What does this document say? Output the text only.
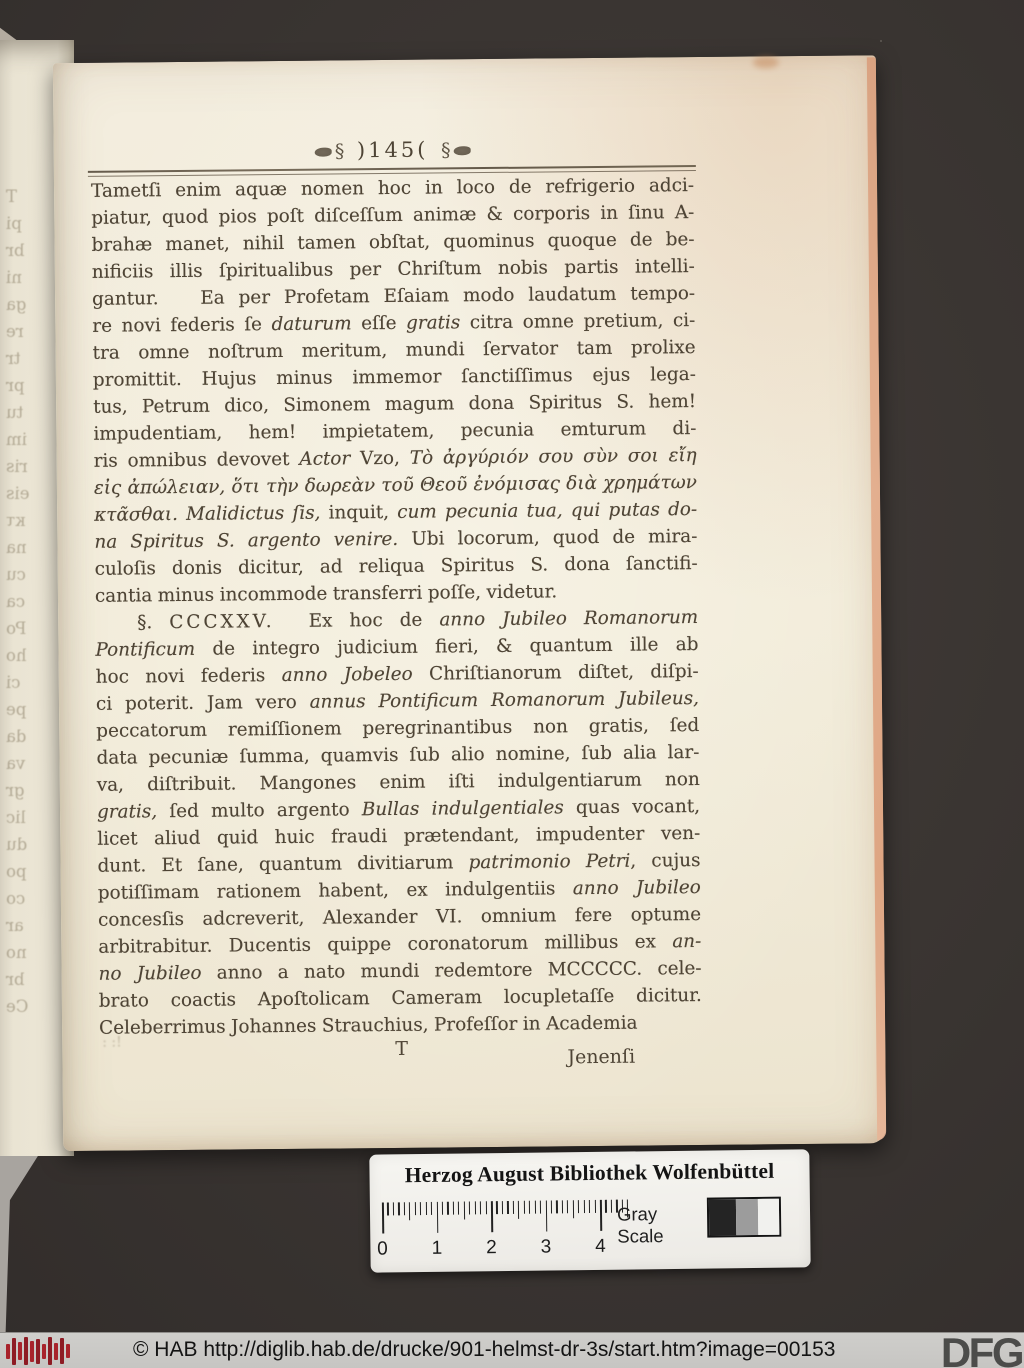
T
pi
br
ni
ga
re
tr
pr
tu
im
ris
eis
κτ
na
cu
ca
Po
ho
ci
pe
da
va
gr
lic
du
po
co
ar
no
br
Ce
: :!
§ )145( §
Tametſi enim aquæ nomen hoc in loco de refrigerio adci-
piatur, quod pios poſt diſceſſum animæ & corporis in ſinu A-
brahæ manet, nihil tamen obſtat, quominus quoque de be-
nificiis illis ſpiritualibus per Chriſtum nobis partis intelli-
gantur.   Ea per Profetam Eſaiam modo laudatum tempo-
re novi federis ſe daturum eſſe gratis citra omne pretium, ci-
tra omne noſtrum meritum, mundi ſervator tam prolixe
promittit. Hujus minus immemor ſanctiſſimus ejus lega-
tus, Petrum dico, Simonem magum dona Spiritus S. hem!
impudentiam, hem! impietatem, pecunia emturum di-
ris omnibus devovet Actor Vzo, Τὸ ἀργύριόν σου σὺν σοι εἴη
εἰς ἀπώλειαν, ὅτι τὴν δωρεὰν τοῦ Θεοῦ ἐνόμισας διὰ χρημάτων
κτᾶσθαι. Malidictus ſis, inquit, cum pecunia tua, qui putas do-
na Spiritus S. argento venire. Ubi locorum, quod de mira-
culoſis donis dicitur, ad reliqua Spiritus S. dona ſanctifi-
cantia minus incommode transferri poſſe, videtur.
§. CCCXXV.  Ex hoc de anno Jubileo Romanorum
Pontificum de integro judicium fieri, & quantum ille ab
hoc novi federis anno Jobeleo Chriſtianorum diſtet, diſpi-
ci poterit. Jam vero annus Pontificum Romanorum Jubileus,
peccatorum remiſſionem peregrinantibus non gratis, ſed
data pecuniæ ſumma, quamvis ſub alio nomine, ſub alia lar-
va, diſtribuit. Mangones enim iſti indulgentiarum non
gratis, ſed multo argento Bullas indulgentiales quas vocant,
licet aliud quid huic fraudi prætendant, impudenter ven-
dunt. Et ſane, quantum divitiarum patrimonio Petri, cujus
potiſſimam rationem habent, ex indulgentiis anno Jubileo
concesſis adcreverit, Alexander VI. omnium fere optume
arbitrabitur. Ducentis quippe coronatorum millibus ex an-
no Jubileo anno a nato mundi redemtore MCCCCC. cele-
brato coactis Apoſtolicam Cameram locupletaſſe dicitur.
Celeberrimus Johannes Strauchius, Profeſſor in Academia
T	Jenenſi
Herzog August Bibliothek Wolfenbüttel
0 1 2 3 4
Gray Scale
© HAB http://diglib.hab.de/drucke/901-helmst-dr-3s/start.htm?image=00153	DFG
